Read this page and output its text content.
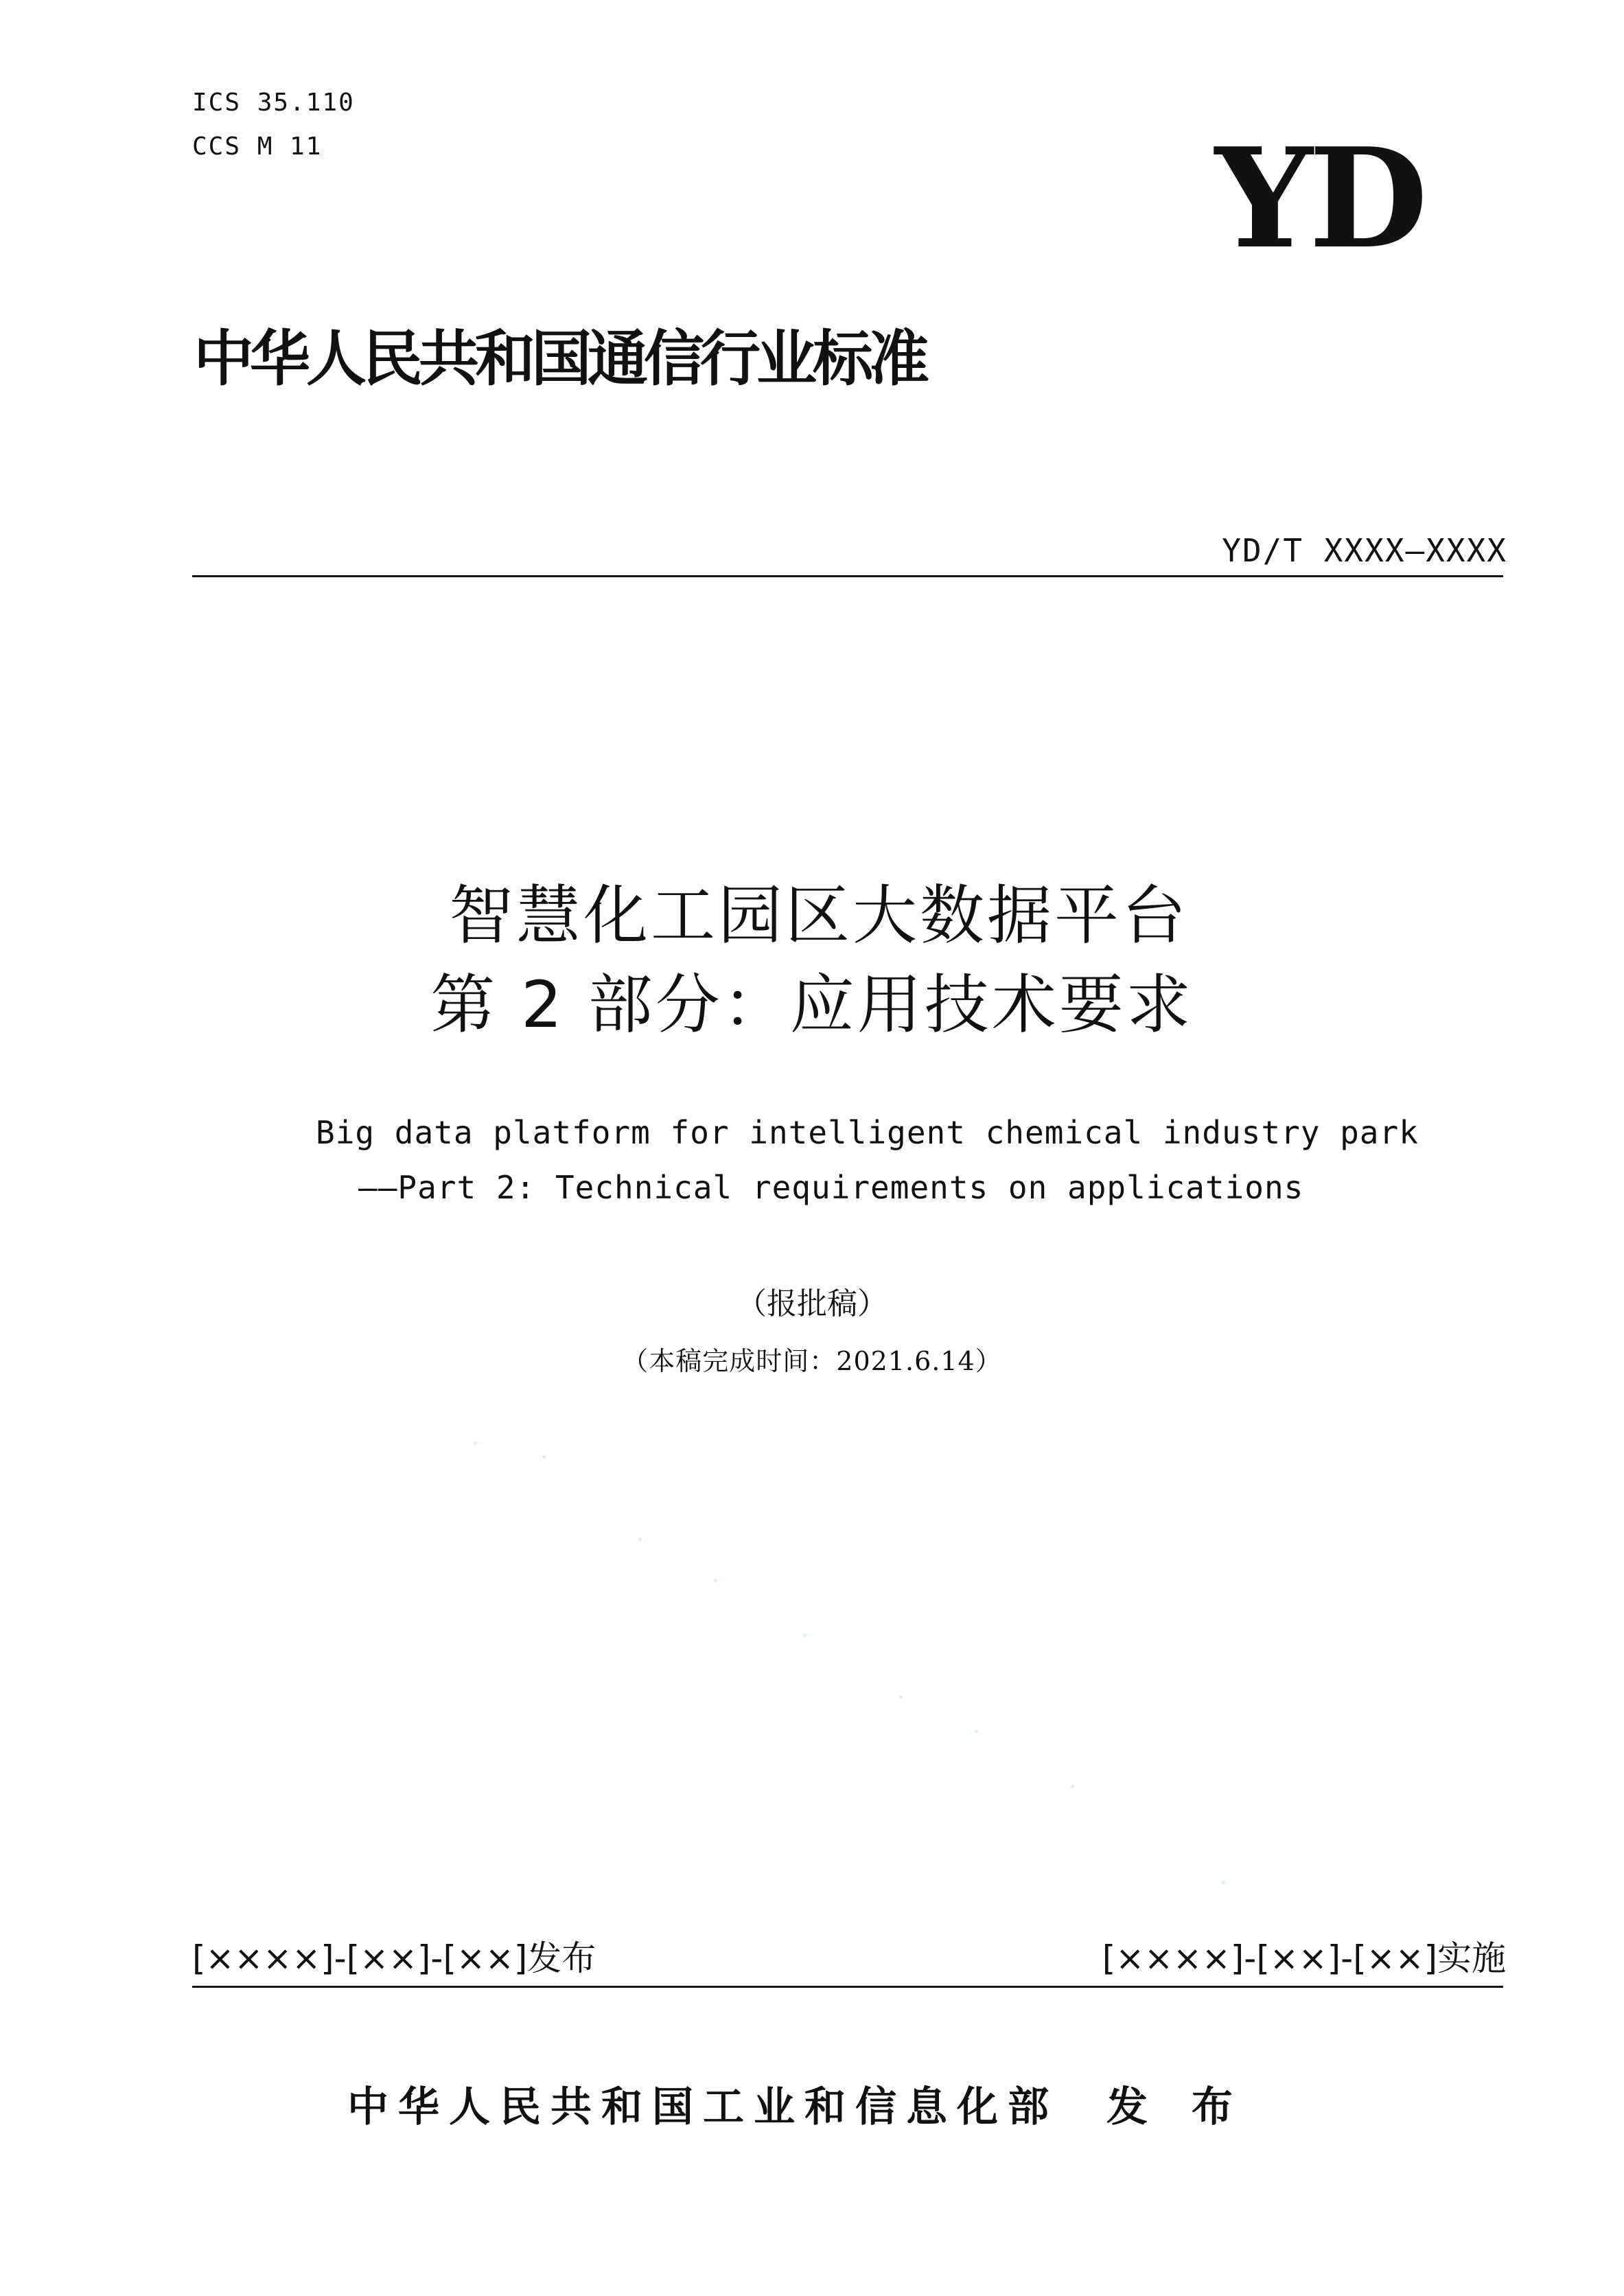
ICS 35.110
CCS M 11	YD
中华人民共和国通信行业标准
YD/T XXXX—XXXX
智慧化工园区大数据平台
第 2 部分：应用技术要求
Big data platform for intelligent chemical industry park
——Part 2: Technical requirements on applications
（报批稿）
（本稿完成时间：2021.6.14）
[××××]-[××]-[××]发布	[××××]-[××]-[××]实施
中华人民共和国工业和信息化部 发布
